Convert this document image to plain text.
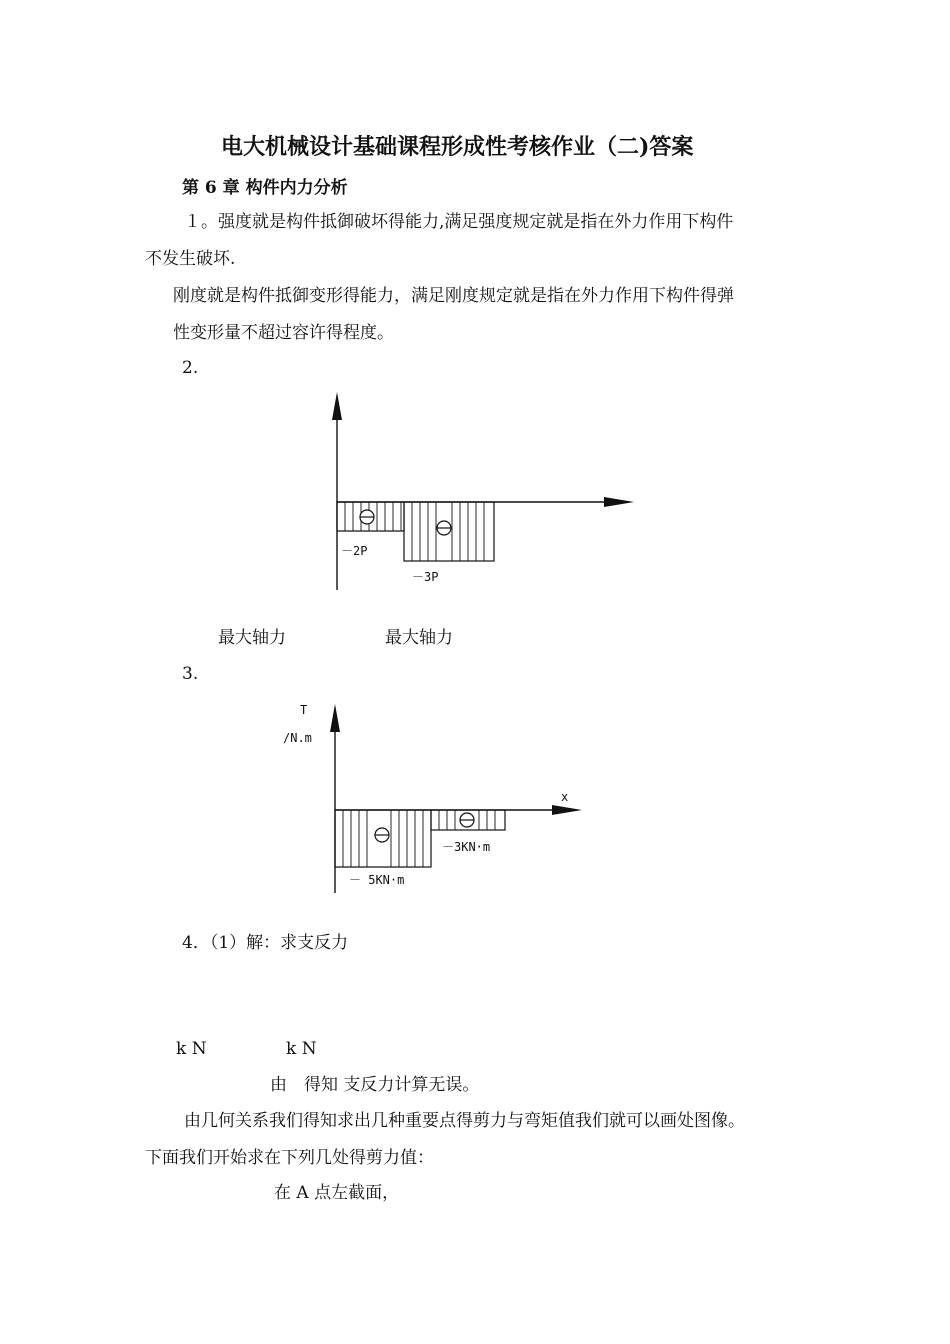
电大机械设计基础课程形成性考核作业（二)答案
第 6 章 构件内力分析
１。强度就是构件抵御破坏得能力,满足强度规定就是指在外力作用下构件
不发生破坏.
刚度就是构件抵御变形得能力，满足刚度规定就是指在外力作用下构件得弹
性变形量不超过容许得程度。
2.
－2P
－3P
最大轴力	最大轴力
3.
T
/N.m
x
－3KN·m
－ 5KN·m
4．（1）解：求支反力
k N	k N
由　得知 支反力计算无误。
由几何关系我们得知求出几种重要点得剪力与弯矩值我们就可以画处图像。
下面我们开始求在下列几处得剪力值：
在 A 点左截面，
